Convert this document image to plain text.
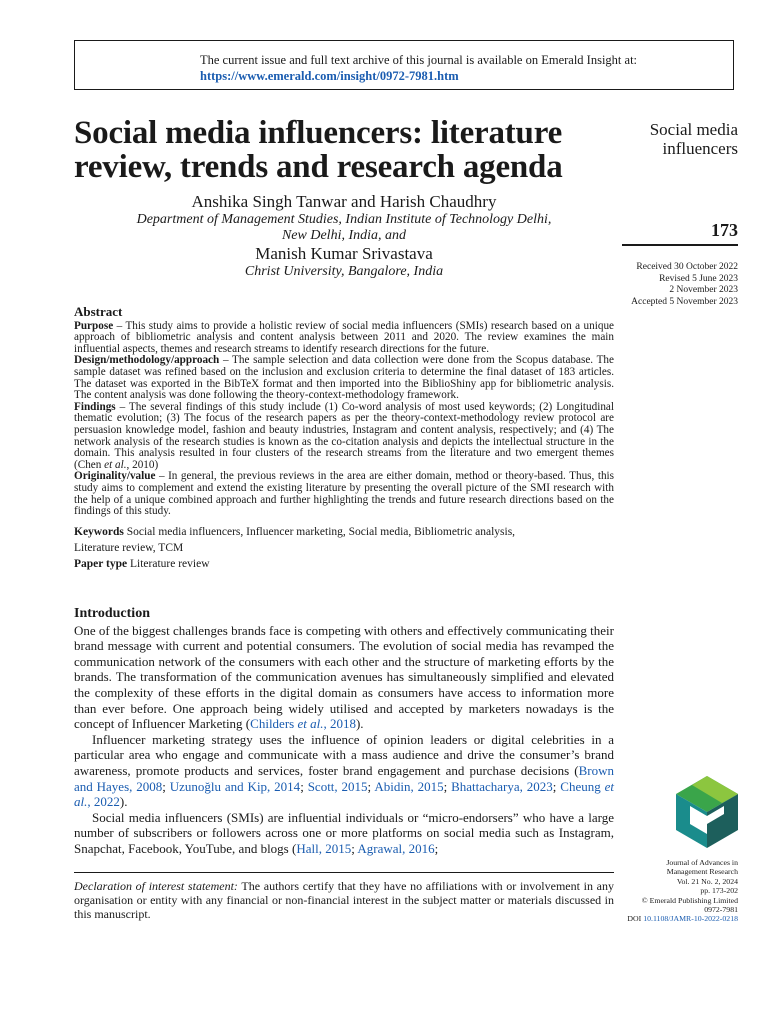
The current issue and full text archive of this journal is available on Emerald Insight at:
https://www.emerald.com/insight/0972-7981.htm
Social media influencers: literature review, trends and research agenda
Social media influencers
173
Received 30 October 2022
Revised 5 June 2023
2 November 2023
Accepted 5 November 2023
Anshika Singh Tanwar and Harish Chaudhry
Department of Management Studies, Indian Institute of Technology Delhi,
New Delhi, India, and
Manish Kumar Srivastava
Christ University, Bangalore, India
Abstract

Purpose – This study aims to provide a holistic review of social media influencers (SMIs) research based on a unique approach of bibliometric analysis and content analysis between 2011 and 2020. The review examines the main influential aspects, themes and research streams to identify research directions for the future.

Design/methodology/approach – The sample selection and data collection were done from the Scopus database. The sample dataset was refined based on the inclusion and exclusion criteria to determine the final dataset of 183 articles. The dataset was exported in the BibTeX format and then imported into the BiblioShiny app for bibliometric analysis. The content analysis was done following the theory-context-methodology framework.

Findings – The several findings of this study include (1) Co-word analysis of most used keywords; (2) Longitudinal thematic evolution; (3) The focus of the research papers as per the theory-context-methodology review protocol are persuasion knowledge model, fashion and beauty industries, Instagram and content analysis, respectively; and (4) The network analysis of the research studies is known as the co-citation analysis and depicts the intellectual structure in the domain. This analysis resulted in four clusters of the research streams from the literature and two emergent themes (Chen et al., 2010)

Originality/value – In general, the previous reviews in the area are either domain, method or theory-based. Thus, this study aims to complement and extend the existing literature by presenting the overall picture of the SMI research with the help of a unique combined approach and further highlighting the trends and future research directions based on the findings of this study.

Keywords Social media influencers, Influencer marketing, Social media, Bibliometric analysis,
Literature review, TCM
Paper type Literature review
Introduction

One of the biggest challenges brands face is competing with others and effectively communicating their brand message with current and potential consumers. The evolution of social media has revamped the communication network of the consumers with each other and the structure of marketing efforts by the brands. The transformation of the communication avenues has simultaneously simplified and elevated the complexity of these efforts in the digital domain as consumers have access to information more than ever before. One approach being widely utilised and accepted by marketers nowadays is the concept of Influencer Marketing (Childers et al., 2018).

Influencer marketing strategy uses the influence of opinion leaders or digital celebrities in a particular area who engage and communicate with a mass audience and drive the consumer’s brand awareness, promote products and services, foster brand engagement and purchase decisions (Brown and Hayes, 2008; Uzunoğlu and Kip, 2014; Scott, 2015; Abidin, 2015; Bhattacharya, 2023; Cheung et al., 2022).

Social media influencers (SMIs) are influential individuals or “micro-endorsers” who have a large number of subscribers or followers across one or more platforms on social media such as Instagram, Snapchat, Facebook, YouTube, and blogs (Hall, 2015; Agrawal, 2016;

Declaration of interest statement: The authors certify that they have no affiliations with or involvement in any organisation or entity with any financial or non-financial interest in the subject matter or materials discussed in this manuscript.
Journal of Advances in
Management Research
Vol. 21 No. 2, 2024
pp. 173-202
© Emerald Publishing Limited
0972-7981
DOI 10.1108/JAMR-10-2022-0218
